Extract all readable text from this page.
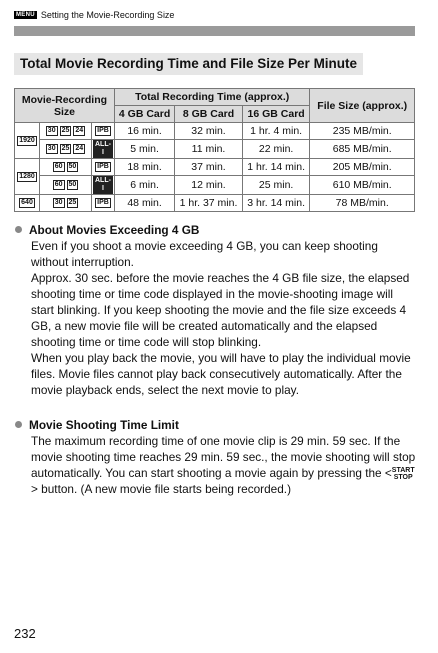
MENU Setting the Movie-Recording Size
Total Movie Recording Time and File Size Per Minute
Movie-Recording Size			Total Recording Time (approx.)			File Size (approx.)
			4 GB Card	8 GB Card	16 GB Card	
1920	30 25 24	IPB	16 min.	32 min.	1 hr. 4 min.	235 MB/min.
	30 25 24	ALL-I	5 min.	11 min.	22 min.	685 MB/min.
1280	60 50	IPB	18 min.	37 min.	1 hr. 14 min.	205 MB/min.
	60 50	ALL-I	6 min.	12 min.	25 min.	610 MB/min.
640	30 25	IPB	48 min.	1 hr. 37 min.	3 hr. 14 min.	78 MB/min.
About Movies Exceeding 4 GB
Even if you shoot a movie exceeding 4 GB, you can keep shooting without interruption.
Approx. 30 sec. before the movie reaches the 4 GB file size, the elapsed shooting time or time code displayed in the movie-shooting image will start blinking. If you keep shooting the movie and the file size exceeds 4 GB, a new movie file will be created automatically and the elapsed shooting time or time code will stop blinking.
When you play back the movie, you will have to play the individual movie files. Movie files cannot play back consecutively automatically. After the movie playback ends, select the next movie to play.
Movie Shooting Time Limit
The maximum recording time of one movie clip is 29 min. 59 sec. If the movie shooting time reaches 29 min. 59 sec., the movie shooting will stop automatically. You can start shooting a movie again by pressing the <START
STOP> button. (A new movie file starts being recorded.)
232
